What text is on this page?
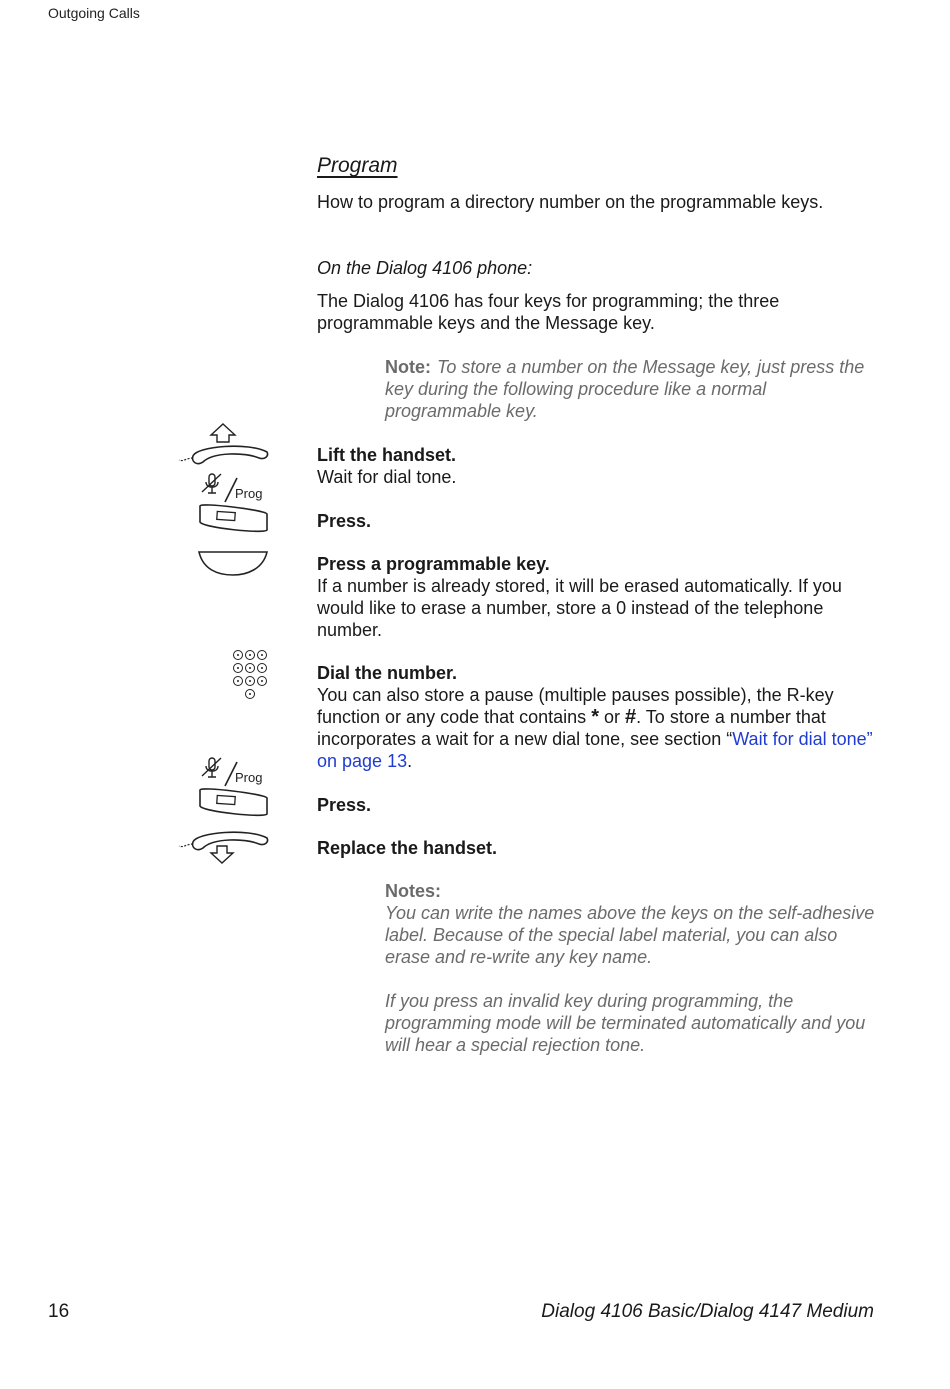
Outgoing Calls
Program
How to program a directory number on the programmable keys.
On the Dialog 4106 phone:
The Dialog 4106 has four keys for programming; the three programmable keys and the Message key.
Note: To store a number on the Message key, just press the key during the following procedure like a normal programmable key.
Prog
Prog
Lift the handset.
Wait for dial tone.
Press.
Press a programmable key.
If a number is already stored, it will be erased automatically. If you would like to erase a number, store a 0 instead of the telephone number.
Dial the number.
You can also store a pause (multiple pauses possible), the R-key function or any code that contains * or #. To store a number that incorporates a wait for a new dial tone, see section “Wait for dial tone” on page 13.
Press.
Replace the handset.
Notes:

You can write the names above the keys on the self-adhesive label. Because of the special label material, you can also erase and re-write any key name.

If you press an invalid key during programming, the programming mode will be terminated automatically and you will hear a special rejection tone.

16	Dialog 4106 Basic/Dialog 4147 Medium
